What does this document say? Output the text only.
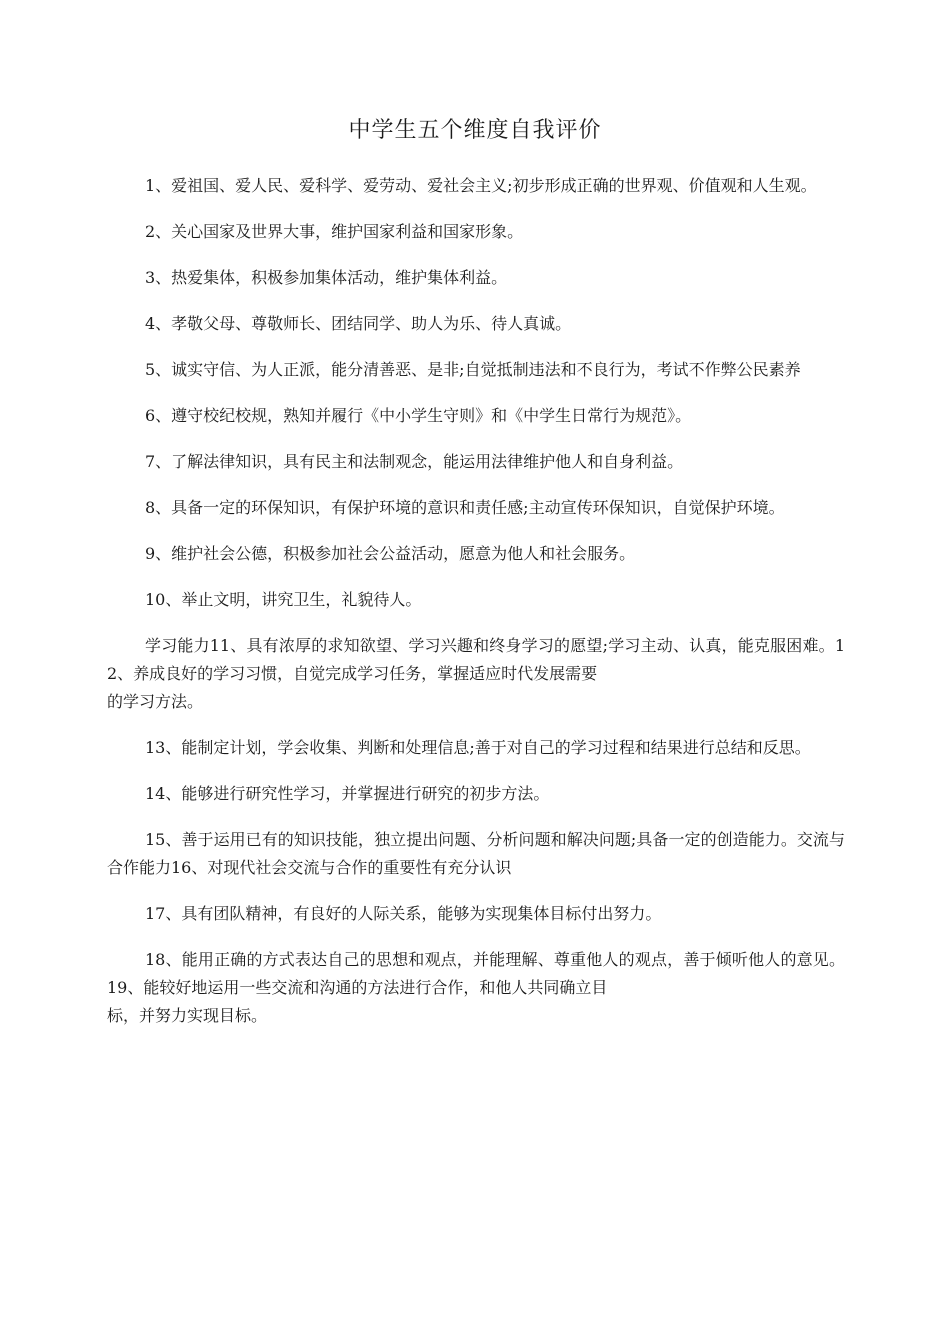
中学生五个维度自我评价

1、爱祖国、爱人民、爱科学、爱劳动、爱社会主义;初步形成正确的世界观、价值观和人生观。

2、关心国家及世界大事，维护国家利益和国家形象。

3、热爱集体，积极参加集体活动，维护集体利益。

4、孝敬父母、尊敬师长、团结同学、助人为乐、待人真诚。

5、诚实守信、为人正派，能分清善恶、是非;自觉抵制违法和不良行为，考试不作弊公民素养

6、遵守校纪校规，熟知并履行《中小学生守则》和《中学生日常行为规范》。

7、了解法律知识，具有民主和法制观念，能运用法律维护他人和自身利益。

8、具备一定的环保知识，有保护环境的意识和责任感;主动宣传环保知识，自觉保护环境。

9、维护社会公德，积极参加社会公益活动，愿意为他人和社会服务。

10、举止文明，讲究卫生，礼貌待人。

学习能力11、具有浓厚的求知欲望、学习兴趣和终身学习的愿望;学习主动、认真，能克服困难。12、养成良好的学习习惯，自觉完成学习任务，掌握适应时代发展需要
的学习方法。

13、能制定计划，学会收集、判断和处理信息;善于对自己的学习过程和结果进行总结和反思。

14、能够进行研究性学习，并掌握进行研究的初步方法。

15、善于运用已有的知识技能，独立提出问题、分析问题和解决问题;具备一定的创造能力。交流与合作能力16、对现代社会交流与合作的重要性有充分认识

17、具有团队精神，有良好的人际关系，能够为实现集体目标付出努力。

18、能用正确的方式表达自己的思想和观点，并能理解、尊重他人的观点，善于倾听他人的意见。19、能较好地运用一些交流和沟通的方法进行合作，和他人共同确立目
标，并努力实现目标。
